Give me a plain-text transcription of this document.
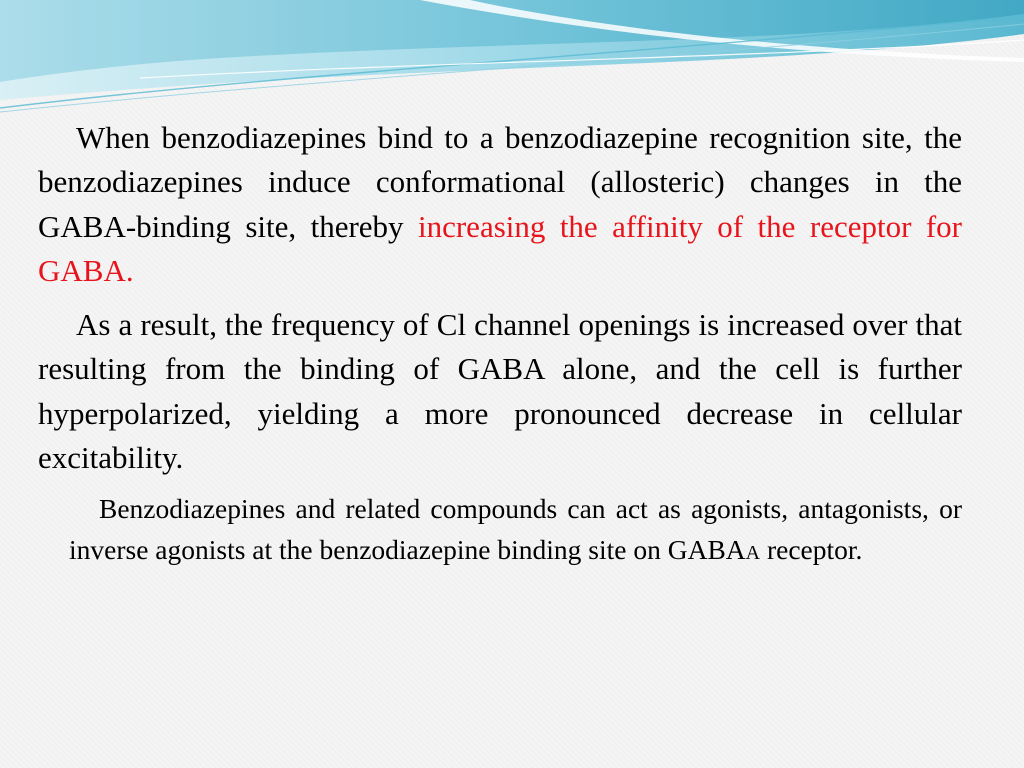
When benzodiazepines bind to a benzodiazepine recognition site, the benzodiazepines induce conformational (allosteric) changes in the GABA-binding site, thereby increasing the affinity of the receptor for GABA.

As a result, the frequency of Cl channel openings is increased over that resulting from the binding of GABA alone, and the cell is further hyperpolarized, yielding a more pronounced decrease in cellular excitability.

Benzodiazepines and related compounds can act as agonists, antagonists, or inverse agonists at the benzodiazepine binding site on GABAA receptor.
